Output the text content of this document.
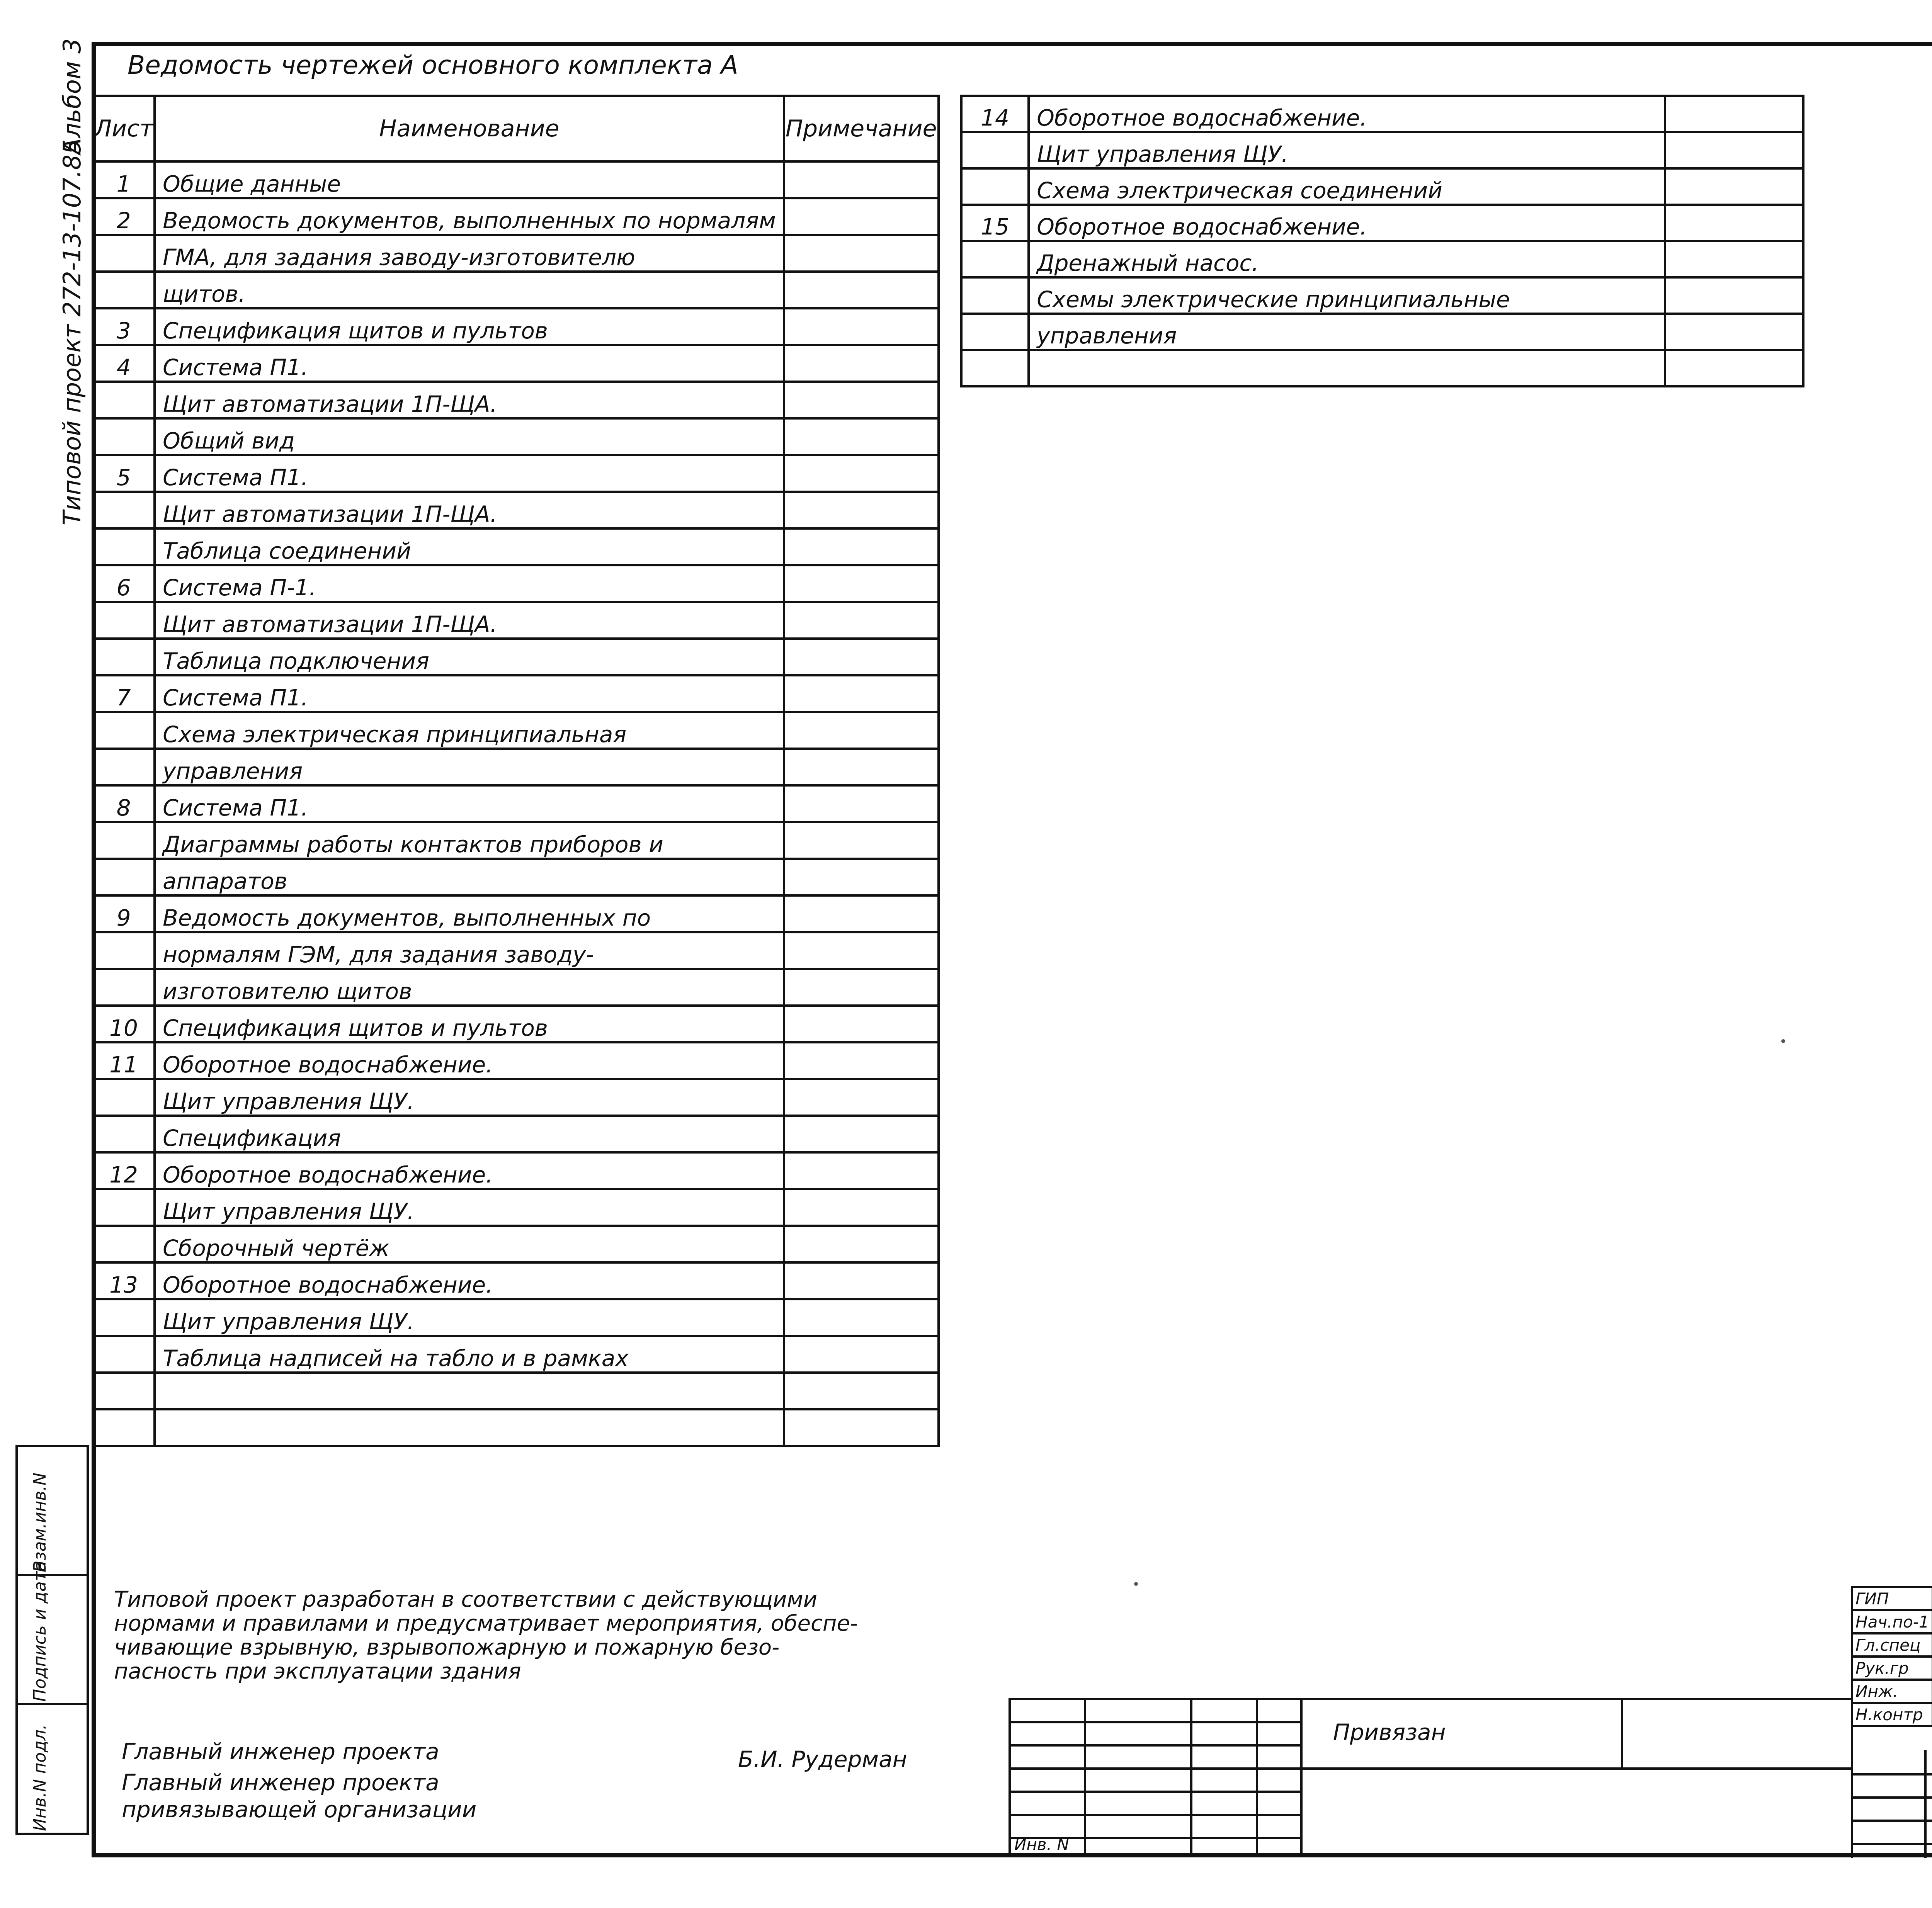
Альбом 3
Типовой проект 272-13-107.85
Взам.инв.N
Подпись и дата
Инв.N подл.
Ведомость чертежей основного комплекта А
Лист	Наименование	Примечание
1	Общие данные	
2	Ведомость документов, выполненных по нормалям	
	ГМА, для задания заводу-изготовителю	
	щитов.	
3	Спецификация щитов и пультов	
4	Система П1.	
	Щит автоматизации 1П-ЩА.	
	Общий вид	
5	Система П1.	
	Щит автоматизации 1П-ЩА.	
	Таблица соединений	
6	Система П-1.	
	Щит автоматизации 1П-ЩА.	
	Таблица подключения	
7	Система П1.	
	Схема электрическая принципиальная	
	управления	
8	Система П1.	
	Диаграммы работы контактов приборов и	
	аппаратов	
9	Ведомость документов, выполненных по	
	нормалям ГЭМ, для задания заводу-	
	изготовителю щитов	
10	Спецификация щитов и пультов	
11	Оборотное водоснабжение.	
	Щит управления ЩУ.	
	Спецификация	
12	Оборотное водоснабжение.	
	Щит управления ЩУ.	
	Сборочный чертёж	
13	Оборотное водоснабжение.	
	Щит управления ЩУ.	
	Таблица надписей на табло и в рамках	

14	Оборотное водоснабжение.	
	Щит управления ЩУ.	
	Схема электрическая соединений	
15	Оборотное водоснабжение.	
	Дренажный насос.	
	Схемы электрические принципиальные	
	управления	

Типовой проект разработан в соответствии с действующими
нормами и правилами и предусматривает мероприятия, обеспе-
чивающие взрывную, взрывопожарную и пожарную безо-
пасность при эксплуатации здания
Главный инженер проекта	Б.И. Рудерман
Главный инженер проекта
привязывающей организации
Привязан
Инв. N
ГИП			
Нач.по-1			
Гл.спец			
Рук.гр			
Инж.			
Н.контр			
